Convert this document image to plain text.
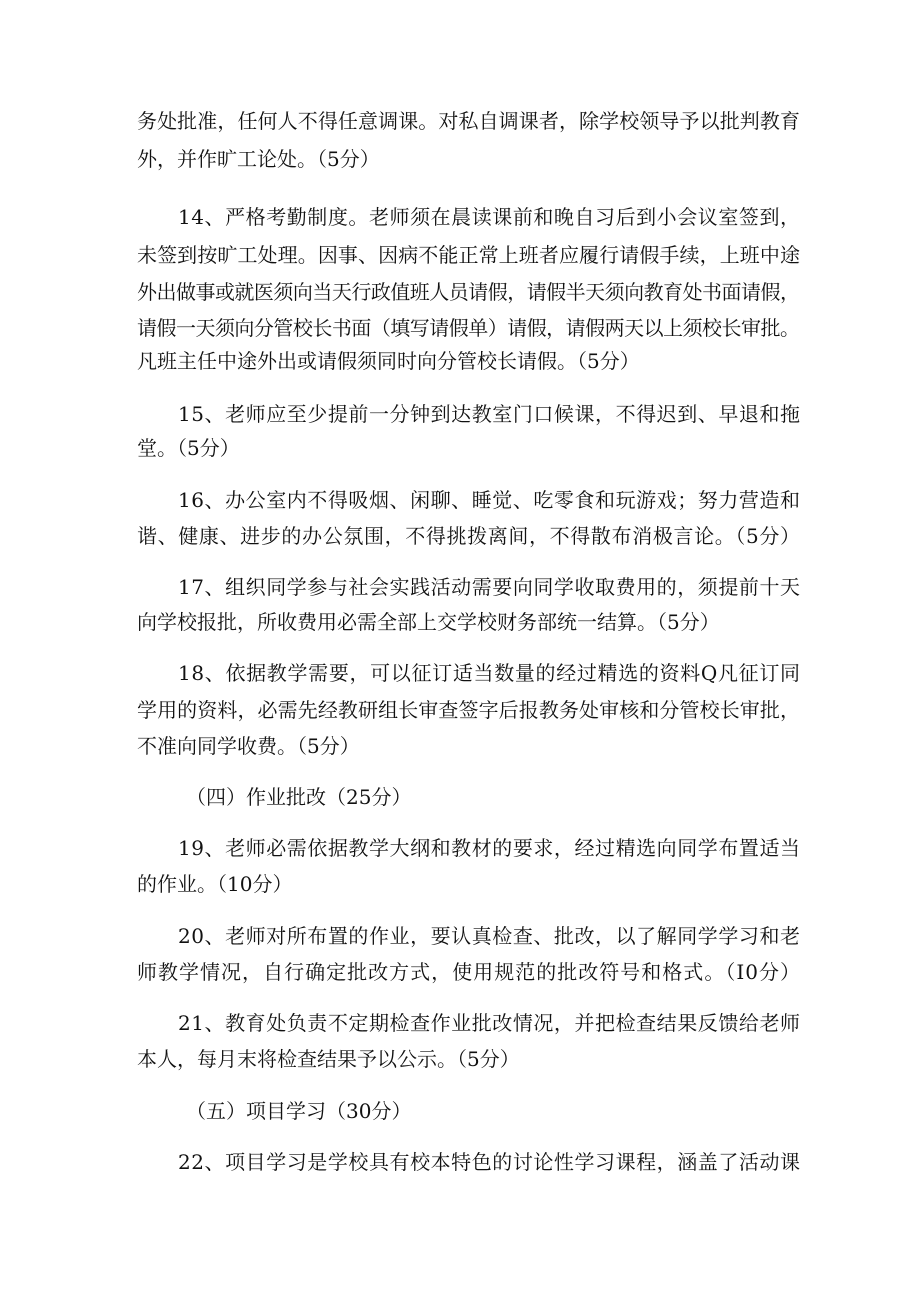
务处批准，任何人不得任意调课。对私自调课者，除学校领导予以批判教育
外，并作旷工论处。（5分）
14、严格考勤制度。老师须在晨读课前和晚自习后到小会议室签到，
未签到按旷工处理。因事、因病不能正常上班者应履行请假手续，上班中途
外出做事或就医须向当天行政值班人员请假，请假半天须向教育处书面请假，
请假一天须向分管校长书面（填写请假单）请假，请假两天以上须校长审批。
凡班主任中途外出或请假须同时向分管校长请假。（5分）
15、老师应至少提前一分钟到达教室门口候课，不得迟到、早退和拖
堂。（5分）
16、办公室内不得吸烟、闲聊、睡觉、吃零食和玩游戏；努力营造和
谐、健康、进步的办公氛围，不得挑拨离间，不得散布消极言论。（5分）
17、组织同学参与社会实践活动需要向同学收取费用的，须提前十天
向学校报批，所收费用必需全部上交学校财务部统一结算。（5分）
18、依据教学需要，可以征订适当数量的经过精选的资料Q凡征订同
学用的资料，必需先经教研组长审查签字后报教务处审核和分管校长审批，
不准向同学收费。（5分）
（四）作业批改（25分）
19、老师必需依据教学大纲和教材的要求，经过精选向同学布置适当
的作业。（10分）
20、老师对所布置的作业，要认真检查、批改，以了解同学学习和老
师教学情况，自行确定批改方式，使用规范的批改符号和格式。（I0分）
21、教育处负责不定期检查作业批改情况，并把检查结果反馈给老师
本人，每月末将检查结果予以公示。（5分）
（五）项目学习（30分）
22、项目学习是学校具有校本特色的讨论性学习课程，涵盖了活动课
